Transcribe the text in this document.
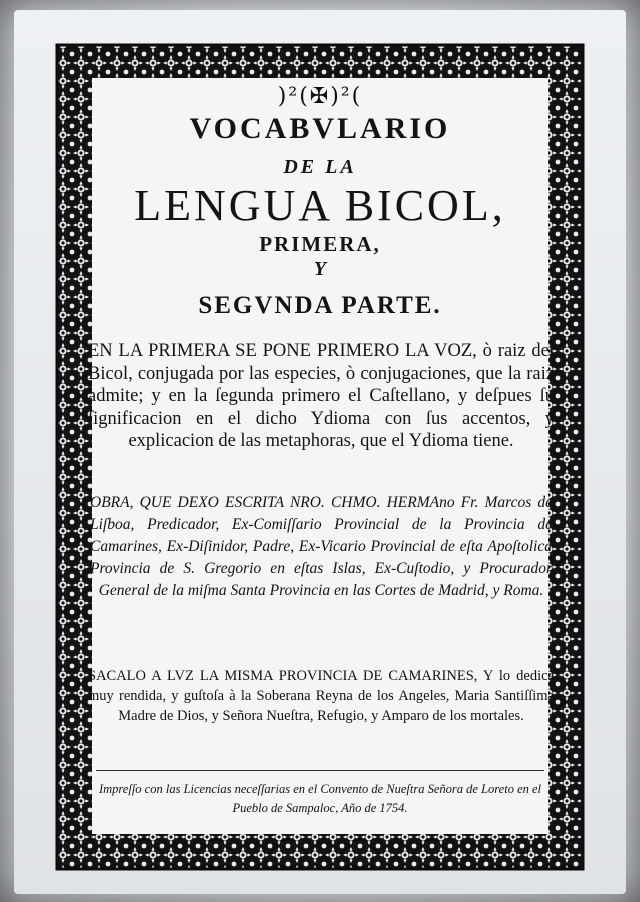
)²(✠)²(
VOCABVLARIO
DE LA
LENGUA BICOL,
PRIMERA,
Y
SEGVNDA PARTE.

EN LA PRIMERA SE PONE PRIMERO LA VOZ, ò raiz del Bicol, conjugada por las especies, ò conjugaciones, que la raiz admite; y en la ſegunda primero el Caſtellano, y deſpues ſu ſignificacion en el dicho Ydioma con ſus accentos, y explicacion de las metaphoras, que el Ydioma tiene.

OBRA, QUE DEXO ESCRITA NRO. CHMO. HERMAno Fr. Marcos de Liſboa, Predicador, Ex-Comiſſario Provincial de la Provincia de Camarines, Ex-Diſinidor, Padre, Ex-Vicario Provincial de eſta Apoſtolica Provincia de S. Gregorio en eſtas Islas, Ex-Cuſtodio, y Procurador General de la miſma Santa Provincia en las Cortes de Madrid, y Roma.

SACALO A LVZ LA MISMA PROVINCIA DE CAMARINES, Y lo dedica muy rendida, y guſtoſa à la Soberana Reyna de los Angeles, Maria Santiſſima Madre de Dios, y Señora Nueſtra, Refugio, y Amparo de los mortales.

Impreſſo con las Licencias neceſſarias en el Convento de Nueſtra Señora de Loreto en el Pueblo de Sampaloc, Año de 1754.
